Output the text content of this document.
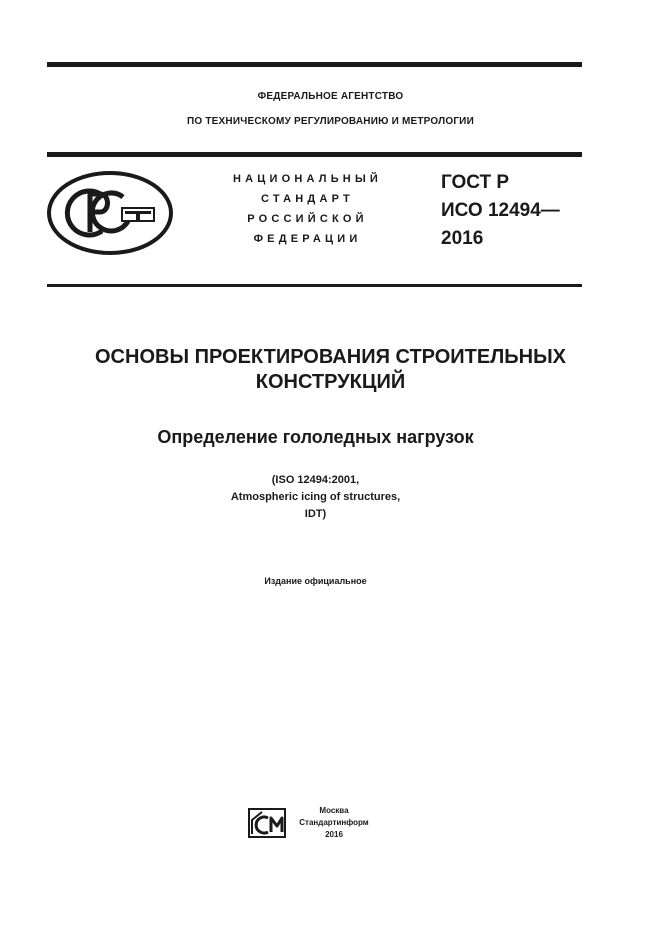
ФЕДЕРАЛЬНОЕ АГЕНТСТВО
ПО ТЕХНИЧЕСКОМУ РЕГУЛИРОВАНИЮ И МЕТРОЛОГИИ
НАЦИОНАЛЬНЫЙ
СТАНДАРТ
РОССИЙСКОЙ
ФЕДЕРАЦИИ
ГОСТ Р
ИСО 12494—
2016
ОСНОВЫ ПРОЕКТИРОВАНИЯ СТРОИТЕЛЬНЫХ
КОНСТРУКЦИЙ
Определение гололедных нагрузок
(ISO 12494:2001,
Atmospheric icing of structures,
IDT)
Издание официальное
Москва
Стандартинформ
2016
